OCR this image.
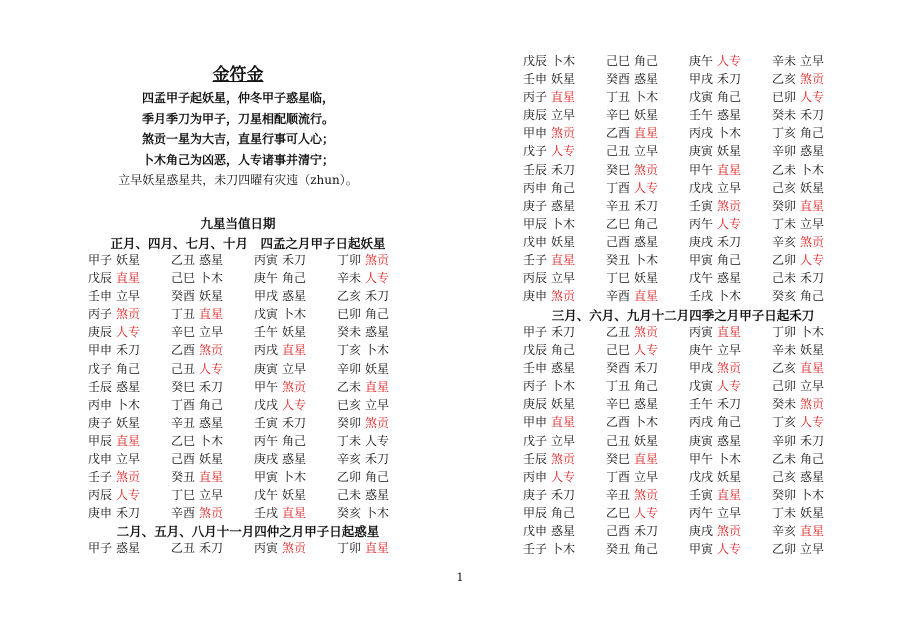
金符金
四孟甲子起妖星，仲冬甲子惑星临，
季月季刀为甲子，刀星相配顺流行。
煞贡一星为大吉，直星行事可人心；
卜木角己为凶恶，人专诸事并清宁；
立早妖星惑星共，未刀四曜有灾迍（zhun）。
九星当值日期
正月、四月、七月、十月　四孟之月甲子日起妖星
甲子 妖星	乙丑 惑星	丙寅 禾刀	丁卯 煞贡
戊辰 直星	己巳 卜木	庚午 角己	辛未 人专
壬申 立早	癸酉 妖星	甲戌 惑星	乙亥 禾刀
丙子 煞贡	丁丑 直星	戊寅 卜木	已卯 角己
庚辰 人专	辛巳 立早	壬午 妖星	癸未 惑星
甲申 禾刀	乙酉 煞贡	丙戌 直星	丁亥 卜木
戊子 角己	己丑 人专	庚寅 立早	辛卯 妖星
壬辰 惑星	癸巳 禾刀	甲午 煞贡	乙未 直星
丙申 卜木	丁酉 角己	戊戌 人专	已亥 立早
庚子 妖星	辛丑 惑星	壬寅 禾刀	癸卯 煞贡
甲辰 直星	乙巳 卜木	丙午 角己	丁未 人专
戊申 立早	己酉 妖星	庚戌 惑星	辛亥 禾刀
壬子 煞贡	癸丑 直星	甲寅 卜木	乙卯 角己
丙辰 人专	丁巳 立早	戊午 妖星	己未 惑星
庚申 禾刀	辛酉 煞贡	壬戌 直星	癸亥 卜木
二月、五月、八月十一月四仲之月甲子日起惑星
甲子 惑星	乙丑 禾刀	丙寅 煞贡	丁卯 直星
戊辰 卜木	己巳 角己	庚午 人专	辛未 立早
壬申 妖星	癸酉 惑星	甲戌 禾刀	乙亥 煞贡
丙子 直星	丁丑 卜木	戊寅 角己	已卯 人专
庚辰 立早	辛巳 妖星	壬午 惑星	癸未 禾刀
甲申 煞贡	乙酉 直星	丙戌 卜木	丁亥 角己
戊子 人专	己丑 立早	庚寅 妖星	辛卯 惑星
壬辰 禾刀	癸巳 煞贡	甲午 直星	乙未 卜木
丙申 角己	丁酉 人专	戊戌 立早	己亥 妖星
庚子 惑星	辛丑 禾刀	壬寅 煞贡	癸卯 直星
甲辰 卜木	乙巳 角己	丙午 人专	丁未 立早
戊申 妖星	己酉 惑星	庚戌 禾刀	辛亥 煞贡
壬子 直星	癸丑 卜木	甲寅 角己	乙卯 人专
丙辰 立早	丁巳 妖星	戊午 惑星	己未 禾刀
庚申 煞贡	辛酉 直星	壬戌 卜木	癸亥 角己
三月、六月、九月十二月四季之月甲子日起禾刀
甲子 禾刀	乙丑 煞贡	丙寅 直星	丁卯 卜木
戊辰 角己	己巳 人专	庚午 立早	辛未 妖星
壬申 惑星	癸酉 禾刀	甲戌 煞贡	乙亥 直星
丙子 卜木	丁丑 角己	戊寅 人专	己卯 立早
庚辰 妖星	辛巳 惑星	壬午 禾刀	癸未 煞贡
甲申 直星	乙酉 卜木	丙戌 角己	丁亥 人专
戊子 立早	己丑 妖星	庚寅 惑星	辛卯 禾刀
壬辰 煞贡	癸巳 直星	甲午 卜木	乙未 角己
丙申 人专	丁酉 立早	戊戌 妖星	己亥 惑星
庚子 禾刀	辛丑 煞贡	壬寅 直星	癸卯 卜木
甲辰 角己	乙巳 人专	丙午 立早	丁未 妖星
戊申 惑星	己酉 禾刀	庚戌 煞贡	辛亥 直星
壬子 卜木	癸丑 角己	甲寅 人专	乙卯 立早
1
